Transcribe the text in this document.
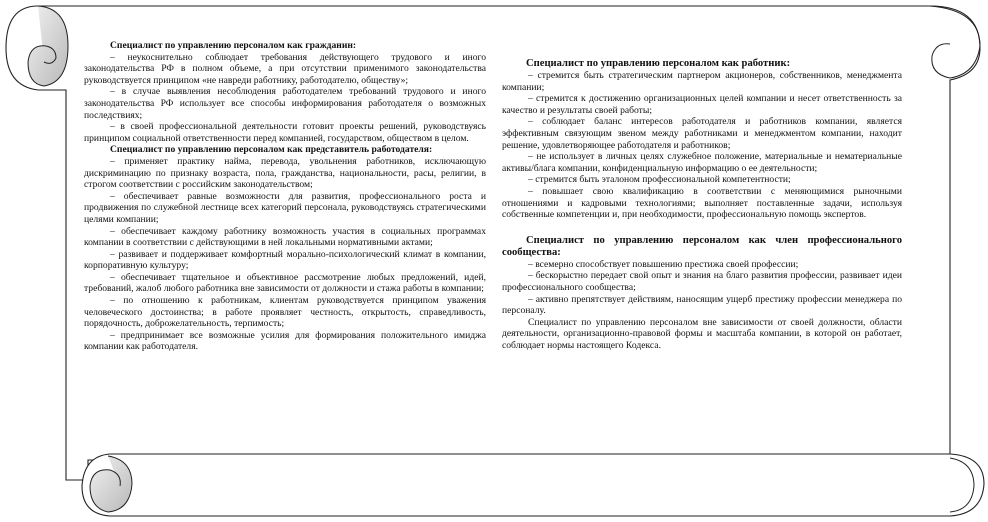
Специалист по управлению персоналом как гражданин:

– неукоснительно соблюдает требования действующего трудового и иного законодательства РФ в полном объеме, а при отсутствии применимого законодательства руководствуется принципом «не навреди работнику, работодателю, обществу»;

– в случае выявления несоблюдения работодателем требований трудового и иного законодательства РФ использует все способы информирования работодателя о возможных последствиях;

– в своей профессиональной деятельности готовит проекты решений, руководствуясь принципом социальной ответственности перед компанией, государством, обществом в целом.

Специалист по управлению персоналом как представитель работодателя:

– применяет практику найма, перевода, увольнения работников, исключающую дискриминацию по признаку возраста, пола, гражданства, национальности, расы, религии, в строгом соответствии с российским законодательством;

– обеспечивает равные возможности для развития, профессионального роста и продвижения по служебной лестнице всех категорий персонала, руководствуясь стратегическими целями компании;

– обеспечивает каждому работнику возможность участия в социальных программах компании в соответствии с действующими в ней локальными нормативными актами;

– развивает и поддерживает комфортный морально-психологический климат в компании, корпоративную культуру;

– обеспечивает тщательное и объективное рассмотрение любых предложений, идей, требований, жалоб любого работника вне зависимости от должности и стажа работы в компании;

– по отношению к работникам, клиентам руководствуется принципом уважения человеческого достоинства; в работе проявляет честность, открытость, справедливость, порядочность, доброжелательность, терпимость;

– предпринимает все возможные усилия для формирования положительного имиджа компании как работодателя.

Специалист по управлению персоналом как работник:

– стремится быть стратегическим партнером акционеров, собственников, менеджмента компании;

– стремится к достижению организационных целей компании и несет ответственность за качество и результаты своей работы;

– соблюдает баланс интересов работодателя и работников компании, является эффективным связующим звеном между работниками и менеджментом компании, находит решение, удовлетворяющее работодателя и работников;

– не использует в личных целях служебное положение, материальные и нематериальные активы/блага компании, конфиденциальную информацию о ее деятельности;

– стремится быть эталоном профессиональной компетентности;

– повышает свою квалификацию в соответствии с меняющимися рыночными отношениями и кадровыми технологиями; выполняет поставленные задачи, используя собственные компетенции и, при необходимости, профессиональную помощь экспертов.

Специалист по управлению персоналом как член профессионального сообщества:

– всемерно способствует повышению престижа своей профессии;

– бескорыстно передает свой опыт и знания на благо развития профессии, развивает идеи профессионального сообщества;

– активно препятствует действиям, наносящим ущерб престижу профессии менеджера по персоналу.

Специалист по управлению персоналом вне зависимости от своей должности, области деятельности, организационно-правовой формы и масштаба компании, в которой он работает, соблюдает нормы настоящего Кодекса.
